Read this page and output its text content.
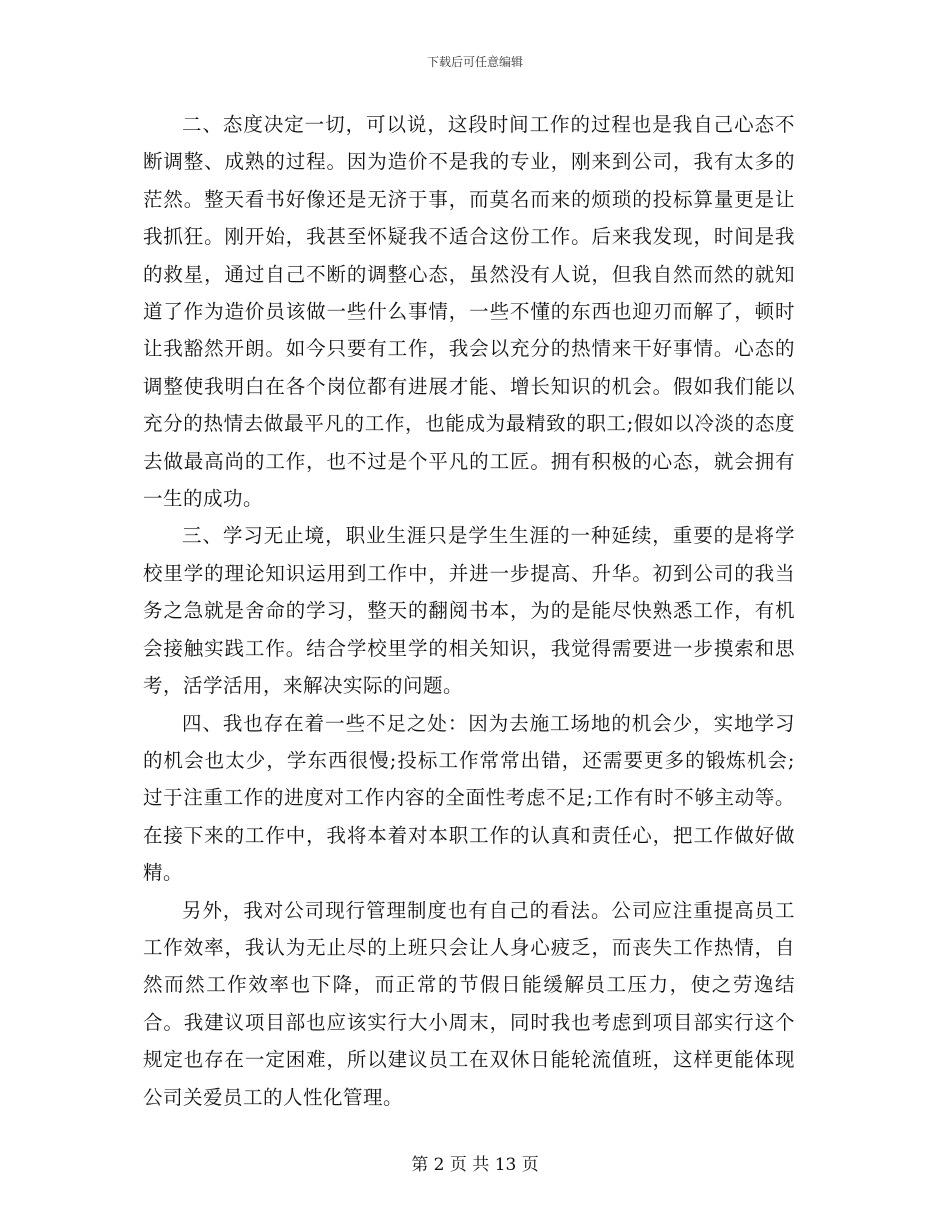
下载后可任意编辑

二、态度决定一切，可以说，这段时间工作的过程也是我自己心态不断调整、成熟的过程。因为造价不是我的专业，刚来到公司，我有太多的茫然。整天看书好像还是无济于事，而莫名而来的烦琐的投标算量更是让我抓狂。刚开始，我甚至怀疑我不适合这份工作。后来我发现，时间是我的救星，通过自己不断的调整心态，虽然没有人说，但我自然而然的就知道了作为造价员该做一些什么事情，一些不懂的东西也迎刃而解了，顿时让我豁然开朗。如今只要有工作，我会以充分的热情来干好事情。心态的调整使我明白在各个岗位都有进展才能、增长知识的机会。假如我们能以充分的热情去做最平凡的工作，也能成为最精致的职工;假如以冷淡的态度去做最高尚的工作，也不过是个平凡的工匠。拥有积极的心态，就会拥有一生的成功。

三、学习无止境，职业生涯只是学生生涯的一种延续，重要的是将学校里学的理论知识运用到工作中，并进一步提高、升华。初到公司的我当务之急就是舍命的学习，整天的翻阅书本，为的是能尽快熟悉工作，有机会接触实践工作。结合学校里学的相关知识，我觉得需要进一步摸索和思考，活学活用，来解决实际的问题。

四、我也存在着一些不足之处：因为去施工场地的机会少，实地学习的机会也太少，学东西很慢;投标工作常常出错，还需要更多的锻炼机会;过于注重工作的进度对工作内容的全面性考虑不足;工作有时不够主动等。在接下来的工作中，我将本着对本职工作的认真和责任心，把工作做好做精。

另外，我对公司现行管理制度也有自己的看法。公司应注重提高员工工作效率，我认为无止尽的上班只会让人身心疲乏，而丧失工作热情，自然而然工作效率也下降，而正常的节假日能缓解员工压力，使之劳逸结合。我建议项目部也应该实行大小周末，同时我也考虑到项目部实行这个规定也存在一定困难，所以建议员工在双休日能轮流值班，这样更能体现公司关爱员工的人性化管理。

第 2 页 共 13 页
